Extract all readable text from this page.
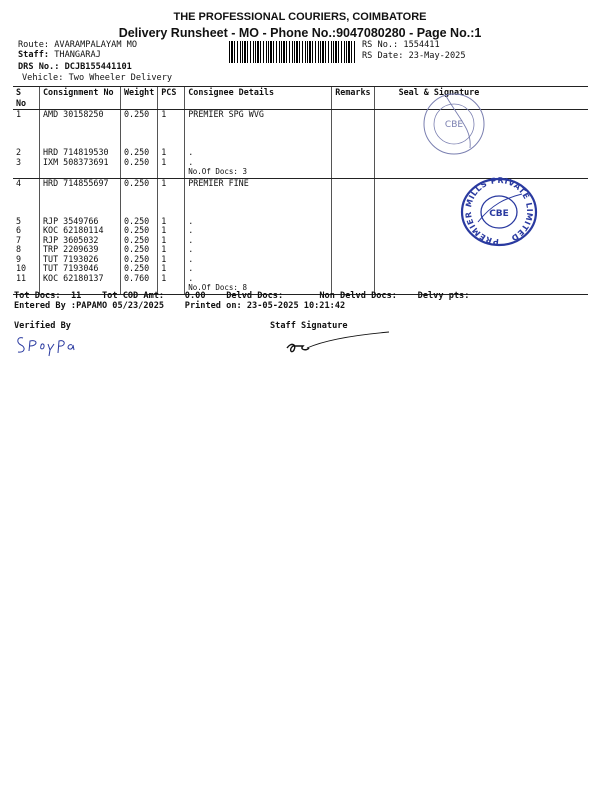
THE PROFESSIONAL COURIERS, COIMBATORE
Delivery Runsheet - MO - Phone No.:9047080280 - Page No.:1
Route: AVARAMPALAYAM MO
Staff: THANGARAJ
DRS No.: DCJB155441101
Vehicle: Two Wheeler Delivery
RS No.: 1554411
RS Date: 23-May-2025
S No	Consignment No	Weight	PCS	Consignee Details	Remarks	Seal & Signature
1	AMD 30158250	0.250	1	PREMIER SPG WVG		

2	HRD 714819530	0.250	1	.		
3	IXM 508373691	0.250	1	.		
				No.Of Docs: 3		
4	HRD 714855697	0.250	1	PREMIER FINE		

5	RJP 3549766	0.250	1	.		
6	KOC 62180114	0.250	1	.		
7	RJP 3605032	0.250	1	.		
8	TRP 2209639	0.250	1	.		
9	TUT 7193026	0.250	1	.		
10	TUT 7193046	0.250	1	.		
11	KOC 62180137	0.760	1	.		
				No.Of Docs: 8		
Tot Docs: 11 Tot COD Amt: 0.00 Delvd Docs:	Non Delvd Docs: Delvy pts:
Entered By :PAPAMO 05/23/2025 Printed on: 23-05-2025 10:21:42
Verified By	Staff Signature
CBE
PREMIER MILLS PRIVATE LIMITED
CBE
